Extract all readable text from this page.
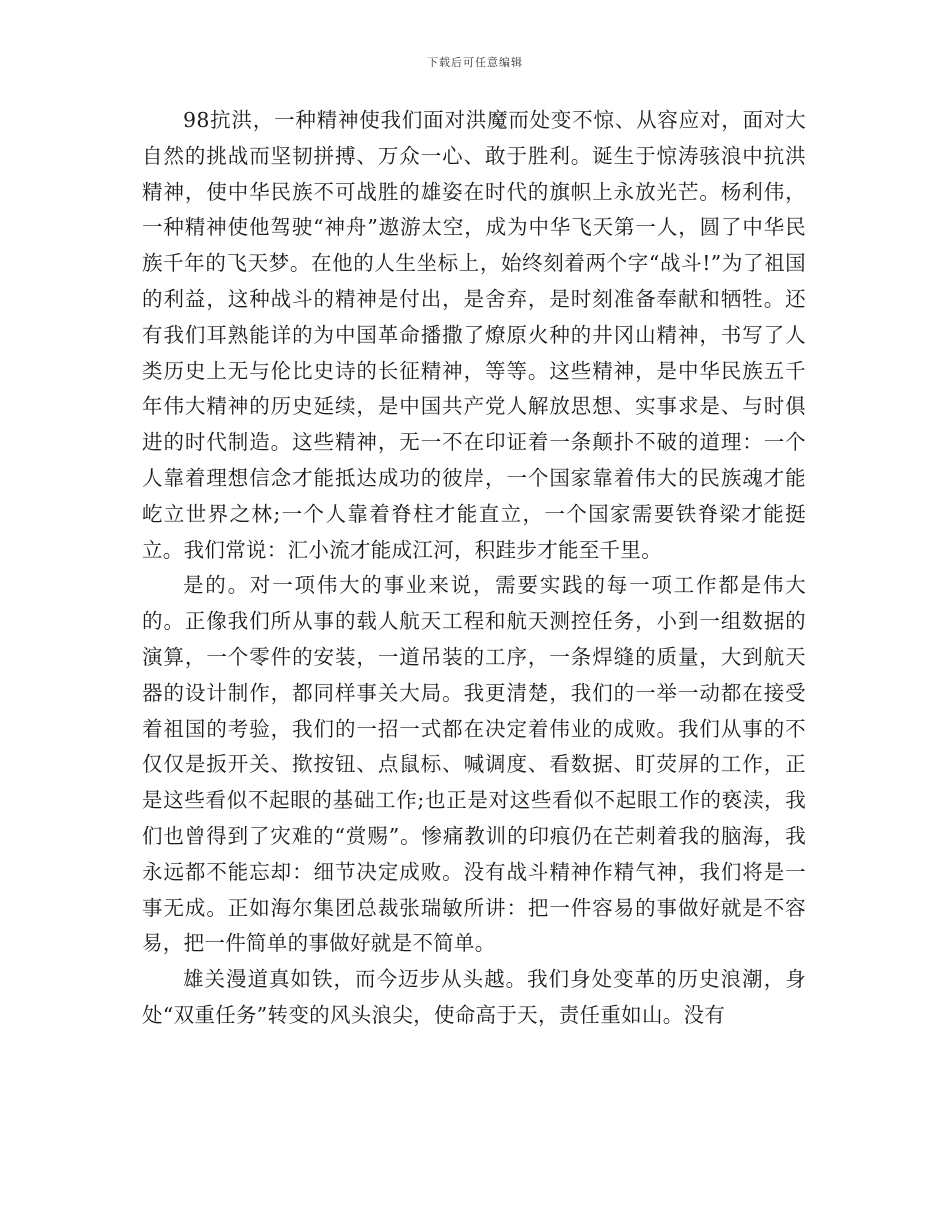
下载后可任意编辑

98抗洪，一种精神使我们面对洪魔而处变不惊、从容应对，面对大自然的挑战而坚韧拼搏、万众一心、敢于胜利。诞生于惊涛骇浪中抗洪精神，使中华民族不可战胜的雄姿在时代的旗帜上永放光芒。杨利伟，一种精神使他驾驶“神舟”遨游太空，成为中华飞天第一人，圆了中华民族千年的飞天梦。在他的人生坐标上，始终刻着两个字“战斗!”为了祖国的利益，这种战斗的精神是付出，是舍弃，是时刻准备奉献和牺牲。还有我们耳熟能详的为中国革命播撒了燎原火种的井冈山精神，书写了人类历史上无与伦比史诗的长征精神，等等。这些精神，是中华民族五千年伟大精神的历史延续，是中国共产党人解放思想、实事求是、与时俱进的时代制造。这些精神，无一不在印证着一条颠扑不破的道理：一个人靠着理想信念才能抵达成功的彼岸，一个国家靠着伟大的民族魂才能屹立世界之林;一个人靠着脊柱才能直立，一个国家需要铁脊梁才能挺立。我们常说：汇小流才能成江河，积跬步才能至千里。

是的。对一项伟大的事业来说，需要实践的每一项工作都是伟大的。正像我们所从事的载人航天工程和航天测控任务，小到一组数据的演算，一个零件的安装，一道吊装的工序，一条焊缝的质量，大到航天器的设计制作，都同样事关大局。我更清楚，我们的一举一动都在接受着祖国的考验，我们的一招一式都在决定着伟业的成败。我们从事的不仅仅是扳开关、揿按钮、点鼠标、喊调度、看数据、盯荧屏的工作，正是这些看似不起眼的基础工作;也正是对这些看似不起眼工作的亵渎，我们也曾得到了灾难的“赏赐”。惨痛教训的印痕仍在芒刺着我的脑海，我永远都不能忘却：细节决定成败。没有战斗精神作精气神，我们将是一事无成。正如海尔集团总裁张瑞敏所讲：把一件容易的事做好就是不容易，把一件简单的事做好就是不简单。

雄关漫道真如铁，而今迈步从头越。我们身处变革的历史浪潮，身处“双重任务”转变的风头浪尖，使命高于天，责任重如山。没有
